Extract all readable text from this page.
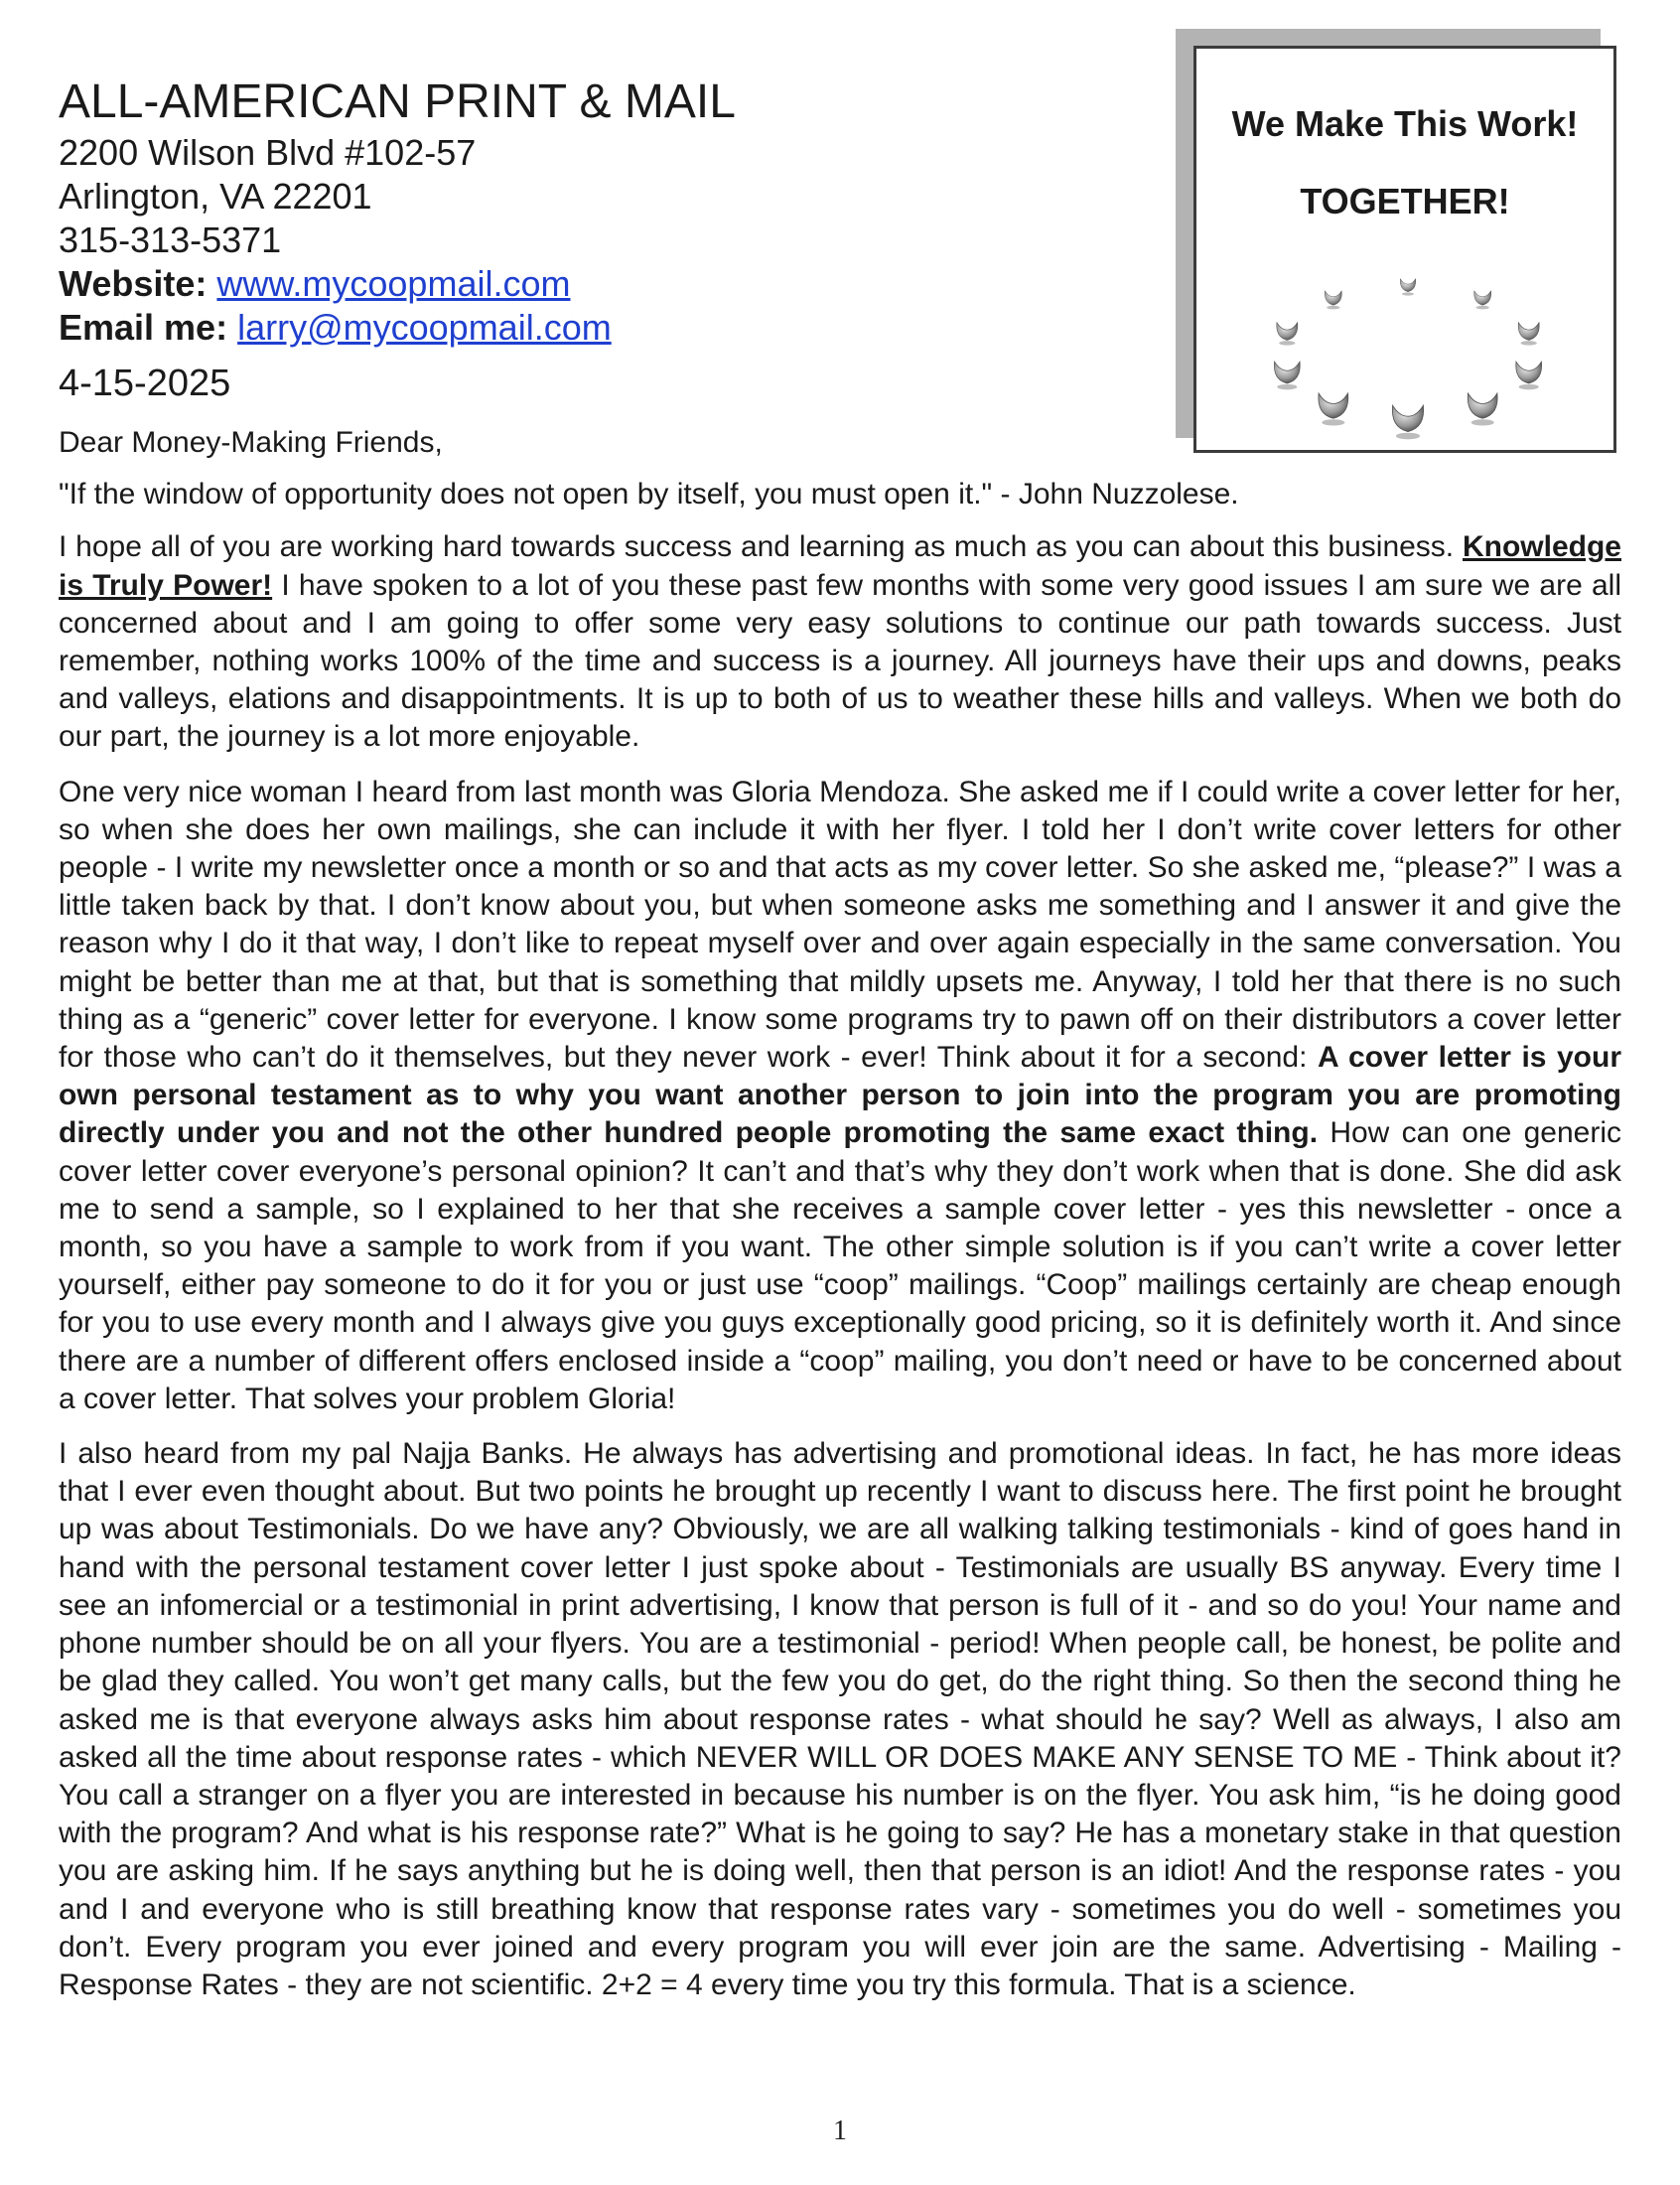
ALL-AMERICAN PRINT & MAIL
2200 Wilson Blvd #102-57
Arlington, VA 22201
315-313-5371
Website: www.mycoopmail.com
Email me: larry@mycoopmail.com
4-15-2025
We Make This Work!
TOGETHER!

Dear Money-Making Friends,

"If the window of opportunity does not open by itself, you must open it." - John Nuzzolese.

I hope all of you are working hard towards success and learning as much as you can about this business. Knowledge is Truly Power! I have spoken to a lot of you these past few months with some very good issues I am sure we are all concerned about and I am going to offer some very easy solutions to continue our path towards success. Just remember, nothing works 100% of the time and success is a journey. All journeys have their ups and downs, peaks and valleys, elations and disappointments. It is up to both of us to weather these hills and valleys. When we both do our part, the journey is a lot more enjoyable.

One very nice woman I heard from last month was Gloria Mendoza. She asked me if I could write a cover letter for her, so when she does her own mailings, she can include it with her flyer. I told her I don’t write cover letters for other people - I write my newsletter once a month or so and that acts as my cover letter. So she asked me, “please?” I was a little taken back by that. I don’t know about you, but when someone asks me something and I answer it and give the reason why I do it that way, I don’t like to repeat myself over and over again especially in the same conversation. You might be better than me at that, but that is something that mildly upsets me. Anyway, I told her that there is no such thing as a “generic” cover letter for everyone. I know some programs try to pawn off on their distributors a cover letter for those who can’t do it themselves, but they never work - ever! Think about it for a second: A cover letter is your own personal testament as to why you want another person to join into the program you are promoting directly under you and not the other hundred people promoting the same exact thing. How can one generic cover letter cover everyone’s personal opinion? It can’t and that’s why they don’t work when that is done. She did ask me to send a sample, so I explained to her that she receives a sample cover letter - yes this newsletter - once a month, so you have a sample to work from if you want. The other simple solution is if you can’t write a cover letter yourself, either pay someone to do it for you or just use “coop” mailings. “Coop” mailings certainly are cheap enough for you to use every month and I always give you guys exceptionally good pricing, so it is definitely worth it. And since there are a number of different offers enclosed inside a “coop” mailing, you don’t need or have to be concerned about a cover letter. That solves your problem Gloria!

I also heard from my pal Najja Banks. He always has advertising and promotional ideas. In fact, he has more ideas that I ever even thought about. But two points he brought up recently I want to discuss here. The first point he brought up was about Testimonials. Do we have any? Obviously, we are all walking talking testimonials - kind of goes hand in hand with the personal testament cover letter I just spoke about - Testimonials are usually BS anyway. Every time I see an infomercial or a testimonial in print advertising, I know that person is full of it - and so do you! Your name and phone number should be on all your flyers. You are a testimonial - period! When people call, be honest, be polite and be glad they called. You won’t get many calls, but the few you do get, do the right thing. So then the second thing he asked me is that everyone always asks him about response rates - what should he say? Well as always, I also am asked all the time about response rates - which NEVER WILL OR DOES MAKE ANY SENSE TO ME - Think about it? You call a stranger on a flyer you are interested in because his number is on the flyer. You ask him, “is he doing good with the program? And what is his response rate?” What is he going to say? He has a monetary stake in that question you are asking him. If he says anything but he is doing well, then that person is an idiot! And the response rates - you and I and everyone who is still breathing know that response rates vary - sometimes you do well - sometimes you don’t. Every program you ever joined and every program you will ever join are the same. Advertising - Mailing - Response Rates - they are not scientific. 2+2 = 4 every time you try this formula. That is a science.

1
